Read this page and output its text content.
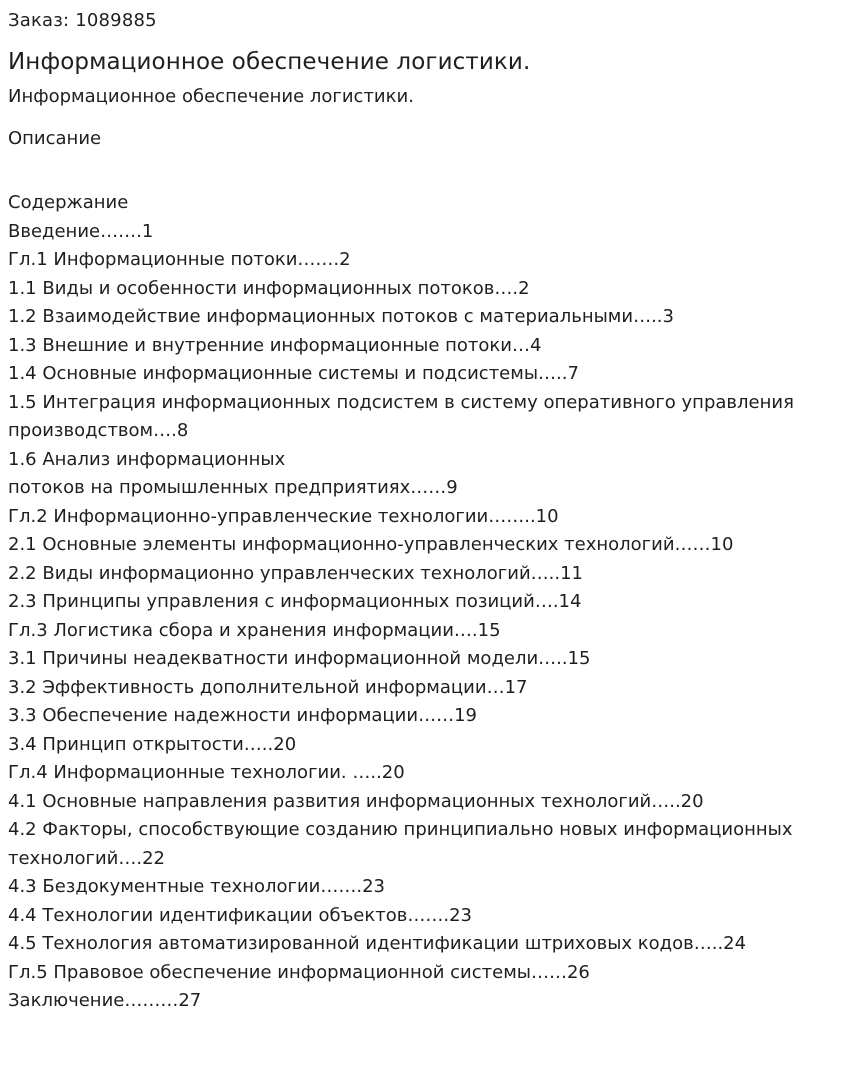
Заказ: 1089885
Информационное обеспечение логистики.
Информационное обеспечение логистики.
Описание
Содержание
Введение…….1
Гл.1 Информационные потоки…….2
1.1 Виды и особенности информационных потоков….2
1.2 Взаимодействие информационных потоков с материальными…..3
1.3 Внешние и внутренние информационные потоки…4
1.4 Основные информационные системы и подсистемы…..7
1.5 Интеграция информационных подсистем в систему оперативного управления
производством….8
1.6 Анализ информационных
потоков на промышленных предприятиях……9
Гл.2 Информационно-управленческие технологии……..10
2.1 Основные элементы информационно-управленческих технологий……10
2.2 Виды информационно управленческих технологий…..11
2.3 Принципы управления с информационных позиций….14
Гл.3 Логистика сбора и хранения информации….15
3.1 Причины неадекватности информационной модели…..15
3.2 Эффективность дополнительной информации…17
3.3 Обеспечение надежности информации……19
3.4 Принцип открытости…..20
Гл.4 Информационные технологии. …..20
4.1 Основные направления развития информационных технологий…..20
4.2 Факторы, способствующие созданию принципиально новых информационных
технологий….22
4.3 Бездокументные технологии…….23
4.4 Технологии идентификации объектов…….23
4.5 Технология автоматизированной идентификации штриховых кодов…..24
Гл.5 Правовое обеспечение информационной системы……26
Заключение………27
